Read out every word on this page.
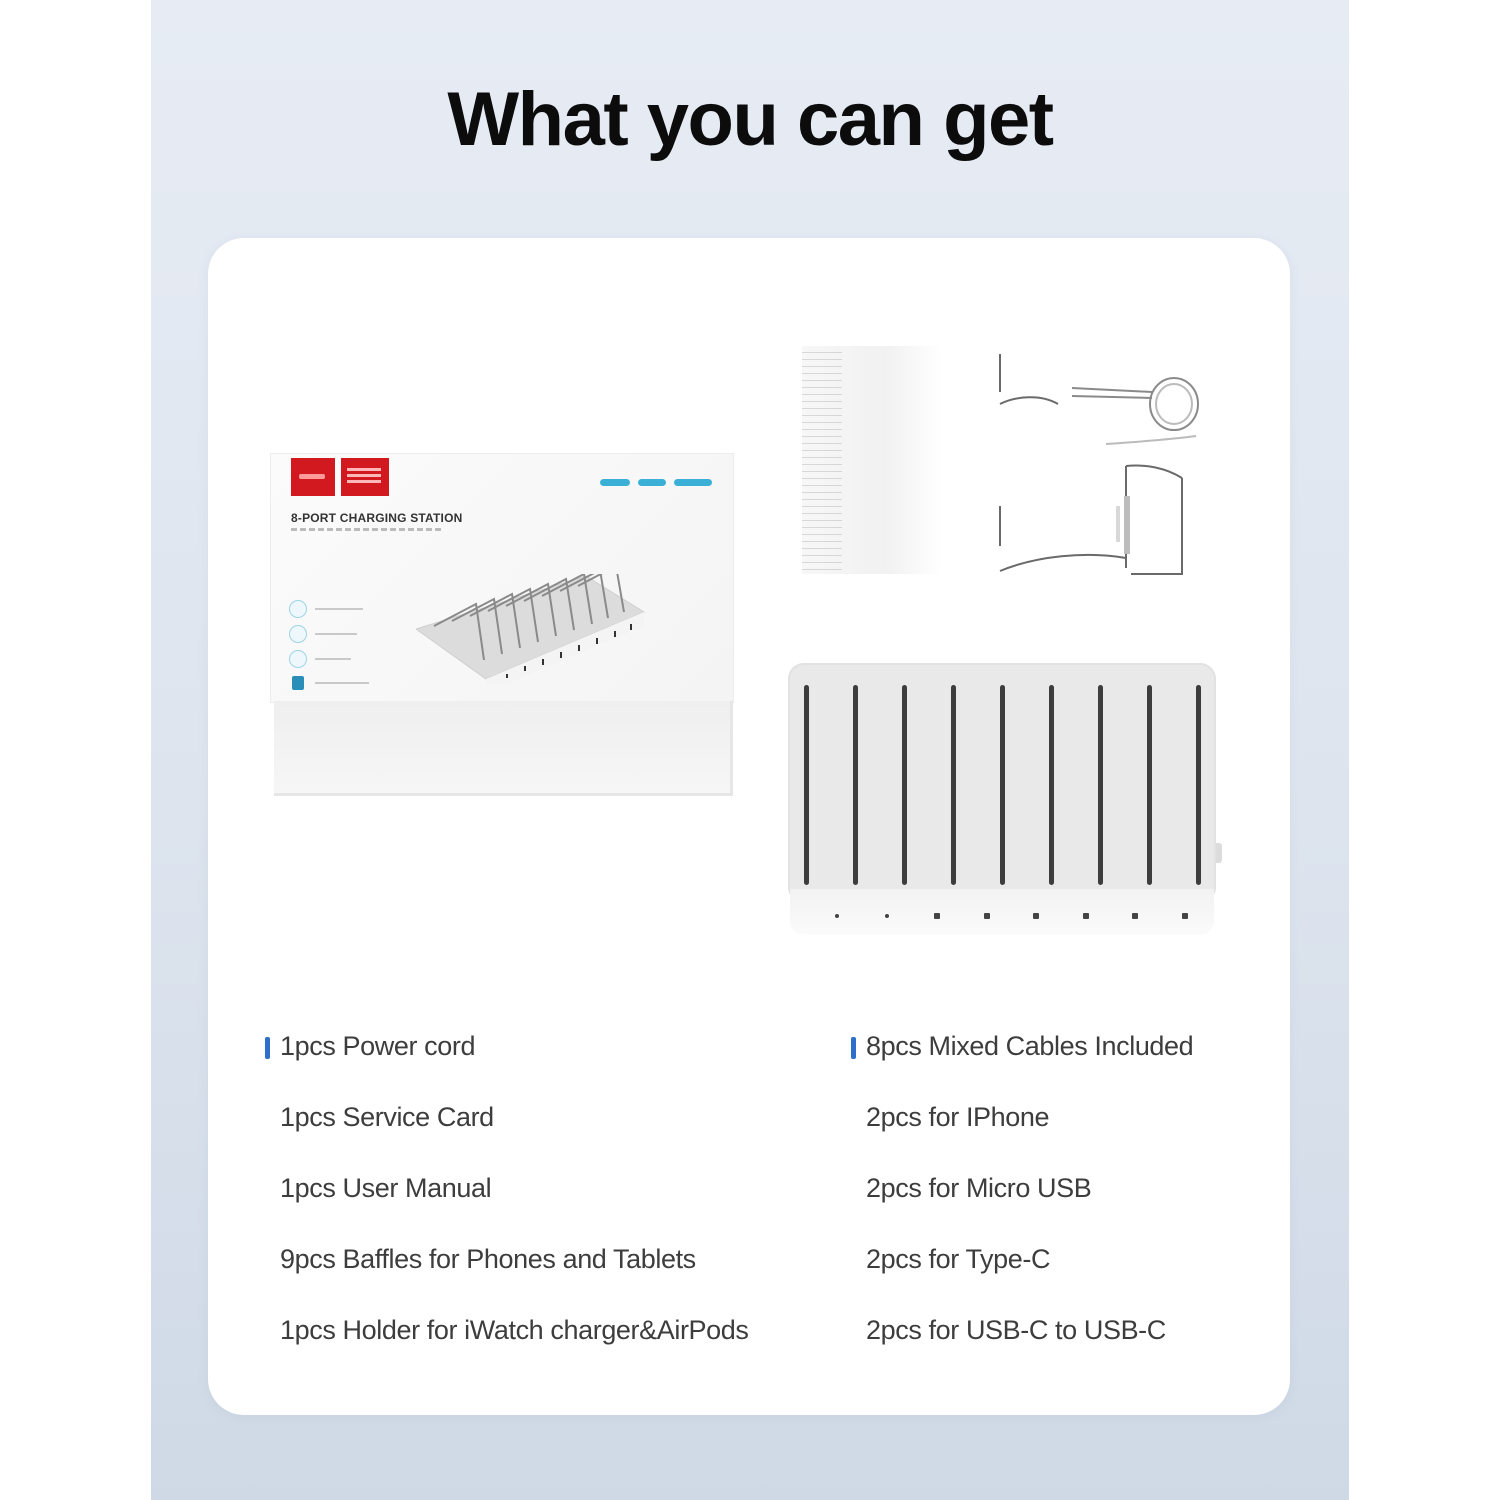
What you can get
8-PORT CHARGING STATION
1pcs Power cord
1pcs Service Card
1pcs User Manual
9pcs Baffles for Phones and Tablets
1pcs Holder for iWatch charger&AirPods
8pcs Mixed Cables Included
2pcs for IPhone
2pcs for Micro USB
2pcs for Type-C
2pcs for USB-C to USB-C
